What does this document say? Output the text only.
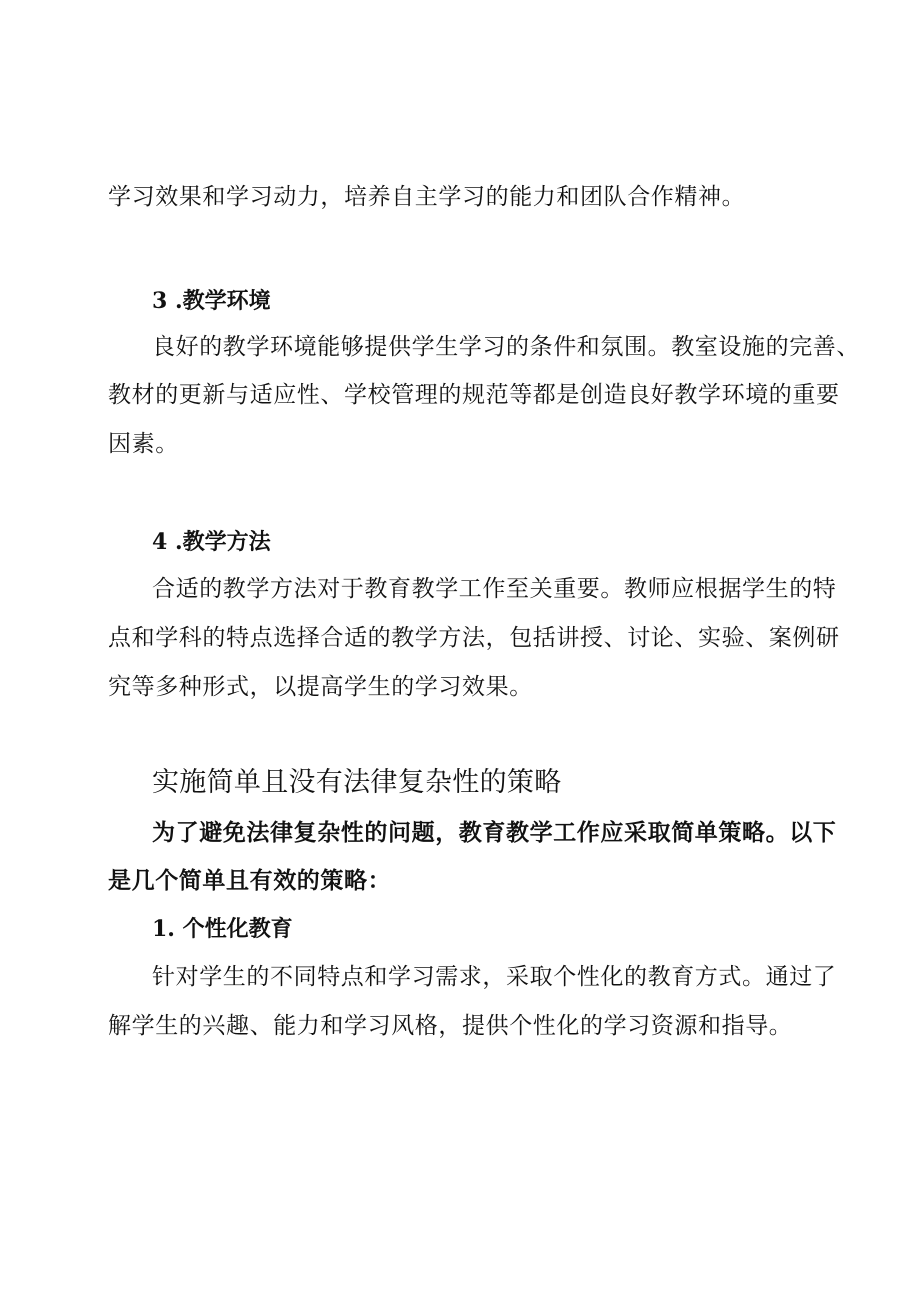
学习效果和学习动力，培养自主学习的能力和团队合作精神。
3 .教学环境
良好的教学环境能够提供学生学习的条件和氛围。教室设施的完善、
教材的更新与适应性、学校管理的规范等都是创造良好教学环境的重要
因素。
4 .教学方法
合适的教学方法对于教育教学工作至关重要。教师应根据学生的特
点和学科的特点选择合适的教学方法，包括讲授、讨论、实验、案例研
究等多种形式，以提高学生的学习效果。
实施简单且没有法律复杂性的策略
为了避免法律复杂性的问题，教育教学工作应采取简单策略。以下
是几个简单且有效的策略：
1. 个性化教育
针对学生的不同特点和学习需求，采取个性化的教育方式。通过了
解学生的兴趣、能力和学习风格，提供个性化的学习资源和指导。
